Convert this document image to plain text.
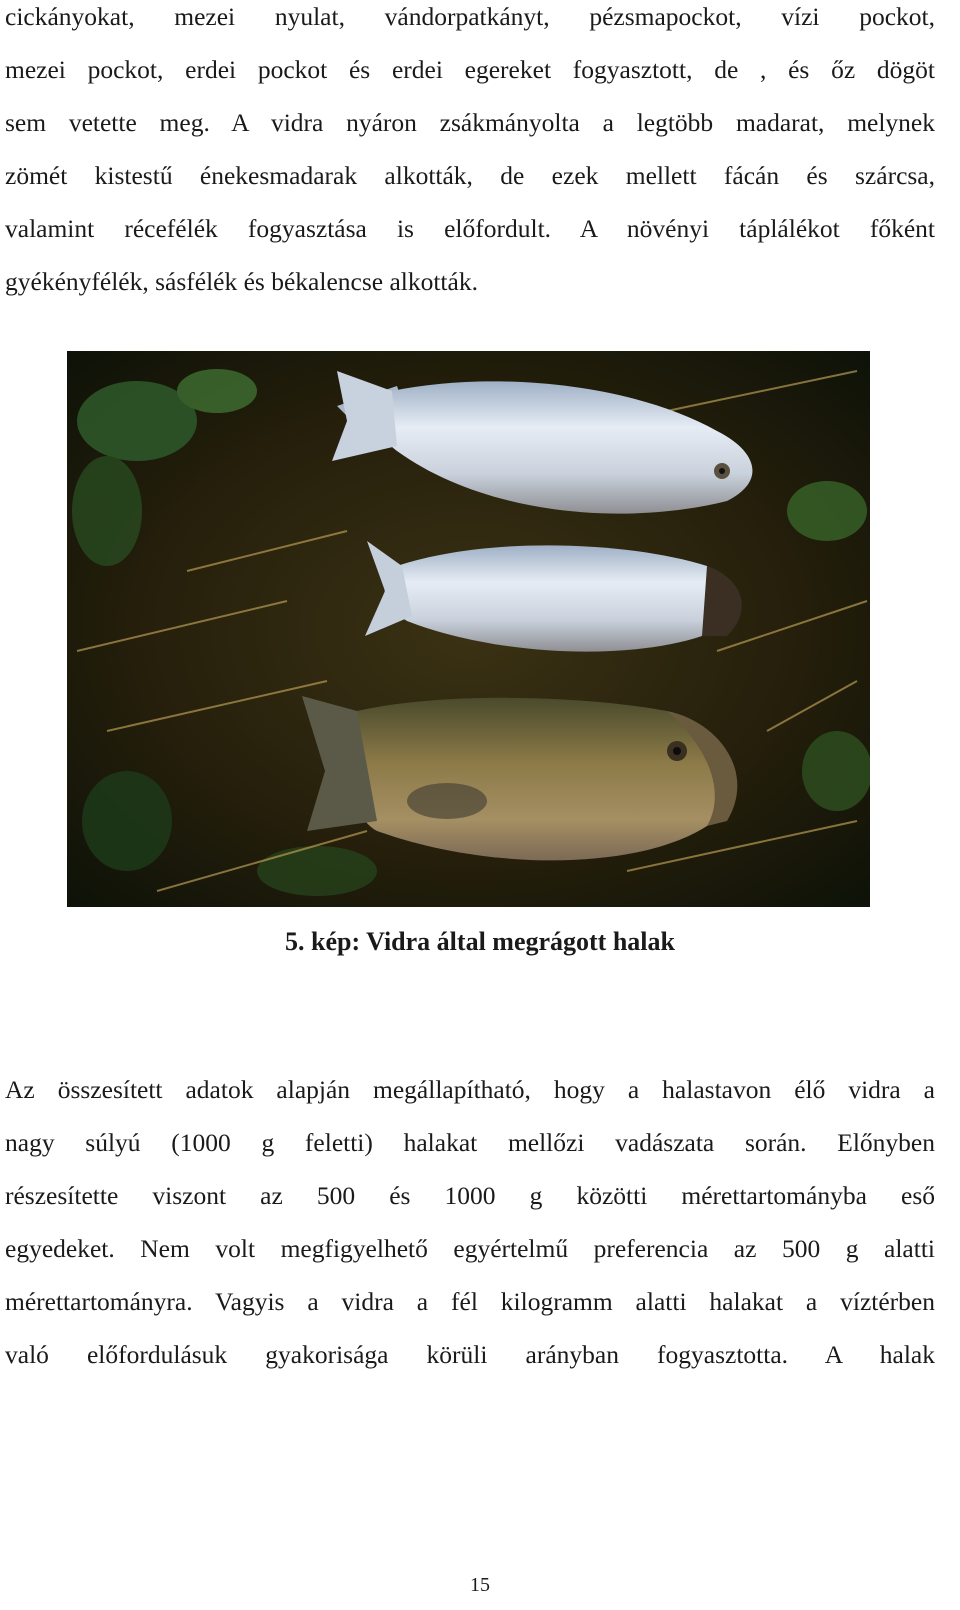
cickányokat, mezei nyulat, vándorpatkányt, pézsmapockot, vízi pockot,
mezei pockot, erdei pockot és erdei egereket fogyasztott, de , és őz dögöt
sem vetette meg. A vidra nyáron zsákmányolta a legtöbb madarat, melynek
zömét kistestű énekesmadarak alkották, de ezek mellett fácán és szárcsa,
valamint récefélék fogyasztása is előfordult. A növényi táplálékot főként
gyékényfélék, sásfélék és békalencse alkották.
5. kép: Vidra által megrágott halak
Az összesített adatok alapján megállapítható, hogy a halastavon élő vidra a
nagy súlyú (1000 g feletti) halakat mellőzi vadászata során. Előnyben
részesítette viszont az 500 és 1000 g közötti mérettartományba eső
egyedeket. Nem volt megfigyelhető egyértelmű preferencia az 500 g alatti
mérettartományra. Vagyis a vidra a fél kilogramm alatti halakat a víztérben
való előfordulásuk gyakorisága körüli arányban fogyasztotta. A halak
15
